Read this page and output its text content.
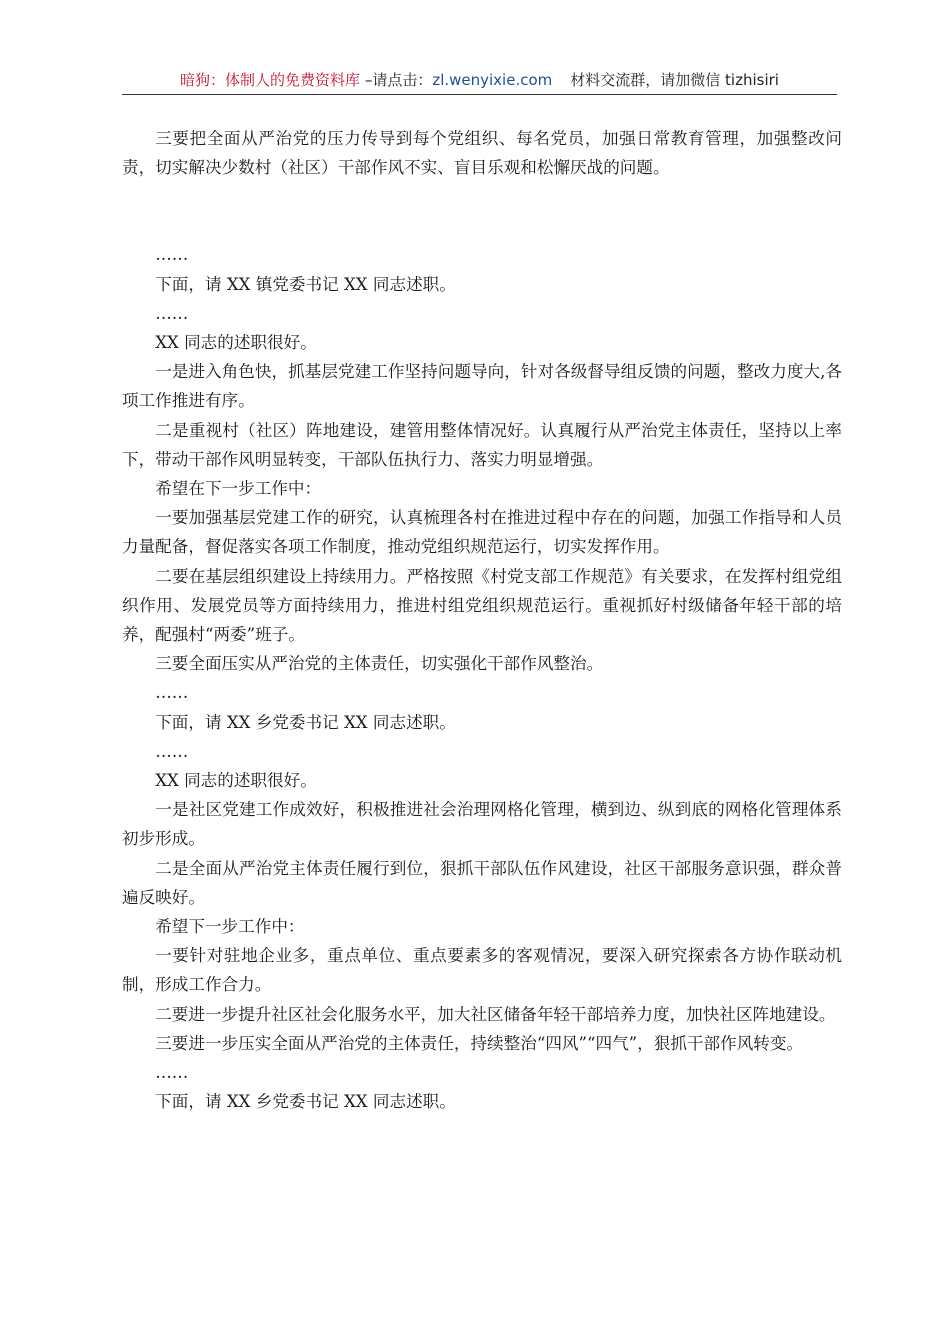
暗狗：体制人的免费资料库 –请点击：zl.wenyixie.com 材料交流群，请加微信 tizhisiri

三要把全面从严治党的压力传导到每个党组织、每名党员，加强日常教育管理，加强整改问责，切实解决少数村（社区）干部作风不实、盲目乐观和松懈厌战的问题。

……

下面，请 XX 镇党委书记 XX 同志述职。

……

XX 同志的述职很好。

一是进入角色快，抓基层党建工作坚持问题导向，针对各级督导组反馈的问题，整改力度大,各项工作推进有序。

二是重视村（社区）阵地建设，建管用整体情况好。认真履行从严治党主体责任，坚持以上率下，带动干部作风明显转变，干部队伍执行力、落实力明显增强。

希望在下一步工作中：

一要加强基层党建工作的研究，认真梳理各村在推进过程中存在的问题，加强工作指导和人员力量配备，督促落实各项工作制度，推动党组织规范运行，切实发挥作用。

二要在基层组织建设上持续用力。严格按照《村党支部工作规范》有关要求，在发挥村组党组织作用、发展党员等方面持续用力，推进村组党组织规范运行。重视抓好村级储备年轻干部的培养，配强村“两委”班子。

三要全面压实从严治党的主体责任，切实强化干部作风整治。

……

下面，请 XX 乡党委书记 XX 同志述职。

……

XX 同志的述职很好。

一是社区党建工作成效好，积极推进社会治理网格化管理，横到边、纵到底的网格化管理体系初步形成。

二是全面从严治党主体责任履行到位，狠抓干部队伍作风建设，社区干部服务意识强，群众普遍反映好。

希望下一步工作中：

一要针对驻地企业多，重点单位、重点要素多的客观情况，要深入研究探索各方协作联动机制，形成工作合力。

二要进一步提升社区社会化服务水平，加大社区储备年轻干部培养力度，加快社区阵地建设。

三要进一步压实全面从严治党的主体责任，持续整治“四风”“四气”，狠抓干部作风转变。

……

下面，请 XX 乡党委书记 XX 同志述职。
